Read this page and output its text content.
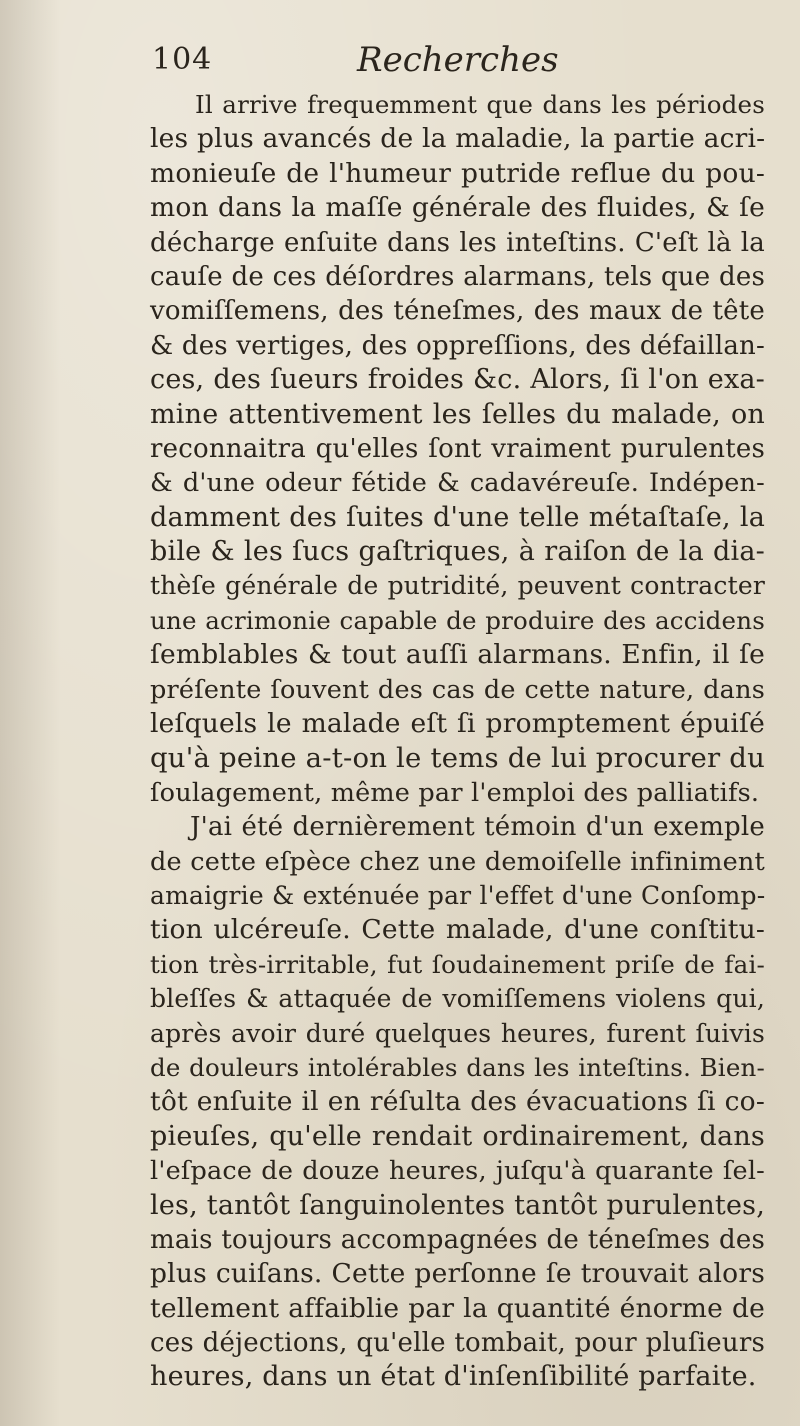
104	Recherches
Il arrive frequemment que dans les périodes
les plus avancés de la maladie, la partie acri-
monieuſe de l'humeur putride reflue du pou-
mon dans la maſſe générale des fluides, & ſe
décharge enſuite dans les inteſtins. C'eſt là la
cauſe de ces déſordres alarmans, tels que des
vomiſſemens, des téneſmes, des maux de tête
& des vertiges, des oppreſſions, des défaillan-
ces, des ſueurs froides &c. Alors, ſi l'on exa-
mine attentivement les ſelles du malade, on
reconnaitra qu'elles ſont vraiment purulentes
& d'une odeur fétide & cadavéreuſe. Indépen-
damment des ſuites d'une telle métaſtaſe, la
bile & les ſucs gaſtriques, à raiſon de la dia-
thèſe générale de putridité, peuvent contracter
une acrimonie capable de produire des accidens
ſemblables & tout auſſi alarmans. Enfin, il ſe
préſente ſouvent des cas de cette nature, dans
leſquels le malade eſt ſi promptement épuiſé
qu'à peine a-t-on le tems de lui procurer du
ſoulagement, même par l'emploi des palliatifs.
J'ai été dernièrement témoin d'un exemple
de cette eſpèce chez une demoiſelle infiniment
amaigrie & exténuée par l'effet d'une Conſomp-
tion ulcéreuſe. Cette malade, d'une conſtitu-
tion très-irritable, fut ſoudainement priſe de fai-
bleſſes & attaquée de vomiſſemens violens qui,
après avoir duré quelques heures, furent ſuivis
de douleurs intolérables dans les inteſtins. Bien-
tôt enſuite il en réſulta des évacuations ſi co-
pieuſes, qu'elle rendait ordinairement, dans
l'eſpace de douze heures, juſqu'à quarante ſel-
les, tantôt ſanguinolentes tantôt purulentes,
mais toujours accompagnées de téneſmes des
plus cuiſans. Cette perſonne ſe trouvait alors
tellement affaiblie par la quantité énorme de
ces déjections, qu'elle tombait, pour pluſieurs
heures, dans un état d'inſenſibilité parfaite.
